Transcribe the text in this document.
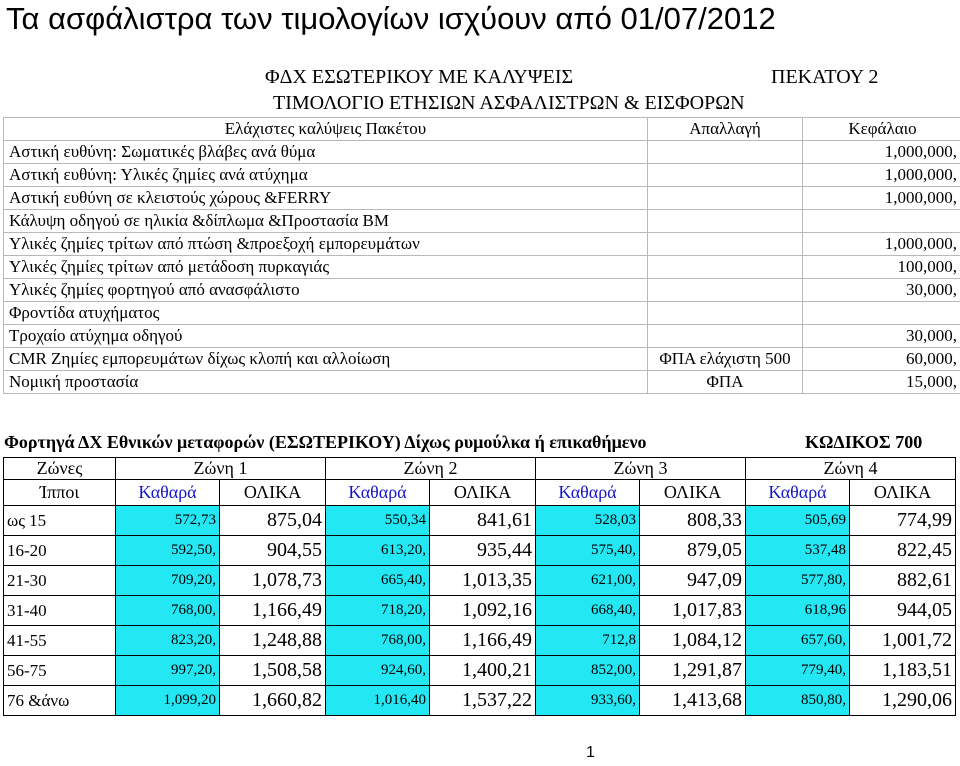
Τα ασφάλιστρα των τιμολογίων ισχύουν από 01/07/2012
ΦΔΧ ΕΣΩΤΕΡΙΚΟΥ ΜΕ ΚΑΛΥΨΕΙΣ	ΠΕΚΑΤΟΥ 2
ΤΙΜΟΛΟΓΙΟ ΕΤΗΣΙΩΝ ΑΣΦΑΛΙΣΤΡΩΝ & ΕΙΣΦΟΡΩΝ
Ελάχιστες καλύψεις Πακέτου	Απαλλαγή	Κεφάλαιο
Αστική ευθύνη: Σωματικές βλάβες ανά θύμα		1,000,000,
Αστική ευθύνη: Υλικές ζημίες ανά ατύχημα		1,000,000,
Αστική ευθύνη σε κλειστούς χώρους &FERRY		1,000,000,
Κάλυψη οδηγού σε ηλικία &δίπλωμα &Προστασία ΒΜ		
Υλικές ζημίες τρίτων από πτώση &προεξοχή εμπορευμάτων		1,000,000,
Υλικές ζημίες τρίτων από μετάδοση πυρκαγιάς		100,000,
Υλικές ζημίες φορτηγού από ανασφάλιστο		30,000,
Φροντίδα ατυχήματος		
Τροχαίο ατύχημα οδηγού		30,000,
CMR Ζημίες εμπορευμάτων δίχως κλοπή και αλλοίωση	ΦΠΑ ελάχιστη 500	60,000,
Νομική προστασία	ΦΠΑ	15,000,
Φορτηγά ΔΧ Εθνικών μεταφορών (ΕΣΩΤΕΡΙΚΟΥ) Δίχως ρυμούλκα ή επικαθήμενο	ΚΩΔΙΚΟΣ 700
Ζώνες	Ζώνη 1		Ζώνη 2		Ζώνη 3		Ζώνη 4	
Ίπποι	Καθαρά	ΟΛΙΚΑ	Καθαρά	ΟΛΙΚΑ	Καθαρά	ΟΛΙΚΑ	Καθαρά	ΟΛΙΚΑ
ως 15	572,73	875,04	550,34	841,61	528,03	808,33	505,69	774,99
16-20	592,50,	904,55	613,20,	935,44	575,40,	879,05	537,48	822,45
21-30	709,20,	1,078,73	665,40,	1,013,35	621,00,	947,09	577,80,	882,61
31-40	768,00,	1,166,49	718,20,	1,092,16	668,40,	1,017,83	618,96	944,05
41-55	823,20,	1,248,88	768,00,	1,166,49	712,8	1,084,12	657,60,	1,001,72
56-75	997,20,	1,508,58	924,60,	1,400,21	852,00,	1,291,87	779,40,	1,183,51
76 &άνω	1,099,20	1,660,82	1,016,40	1,537,22	933,60,	1,413,68	850,80,	1,290,06
1
